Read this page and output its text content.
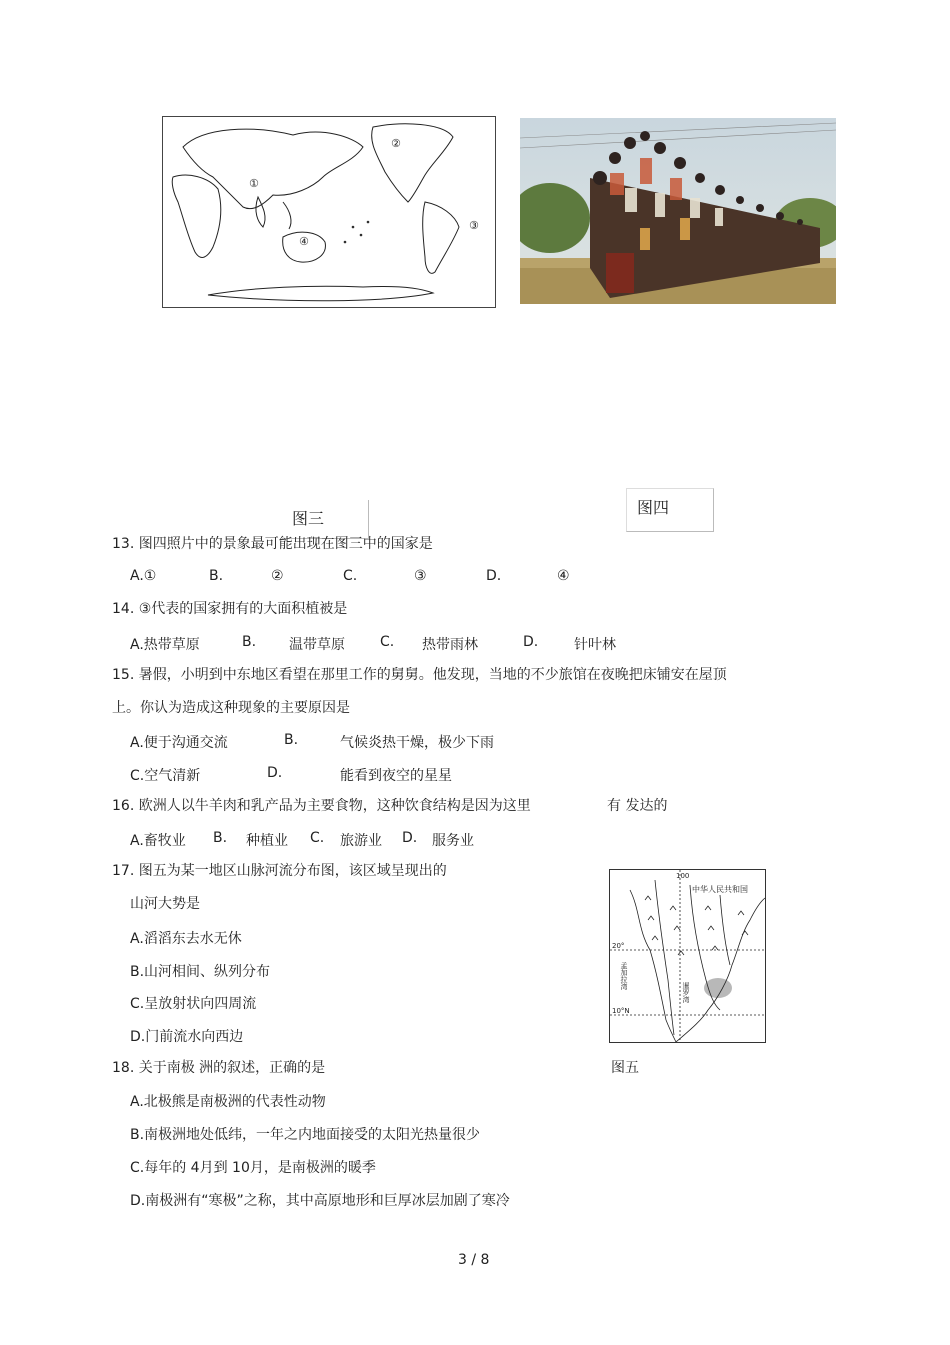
①
②
③
④
图三
图四
13. 图四照片中的景象最可能出现在图三中的国家是
A.①	B.	②	C.	③	D.	④
14. ③代表的国家拥有的大面积植被是
A.热带草原	B. 温带草原	C. 热带雨林	D.	针叶林
15. 暑假，小明到中东地区看望在那里工作的舅舅。他发现，当地的不少旅馆在夜晚把床铺安在屋顶
上。你认为造成这种现象的主要原因是
A.便于沟通交流	B.	气候炎热干燥，极少下雨
C.空气清新	D.	能看到夜空的星星
16. 欧洲人以牛羊肉和乳产品为主要食物，这种饮食结构是因为这里	有 发达的
A.畜牧业 B. 种植业 C. 旅游业 D. 服务业
17. 图五为某一地区山脉河流分布图，该区域呈现出的
山河大势是
A.滔滔东去水无休
B.山河相间、纵列分布
C.呈放射状向四周流
D.门前流水向西边
100
中华人民共和国
20°
10°N
孟加拉湾
暹罗湾
图五
18. 关于南极 洲的叙述，正确的是
A.北极熊是南极洲的代表性动物
B.南极洲地处低纬，一年之内地面接受的太阳光热量很少
C.每年的 4月到 10月，是南极洲的暖季
D.南极洲有“寒极”之称，其中高原地形和巨厚冰层加剧了寒冷
3 / 8
